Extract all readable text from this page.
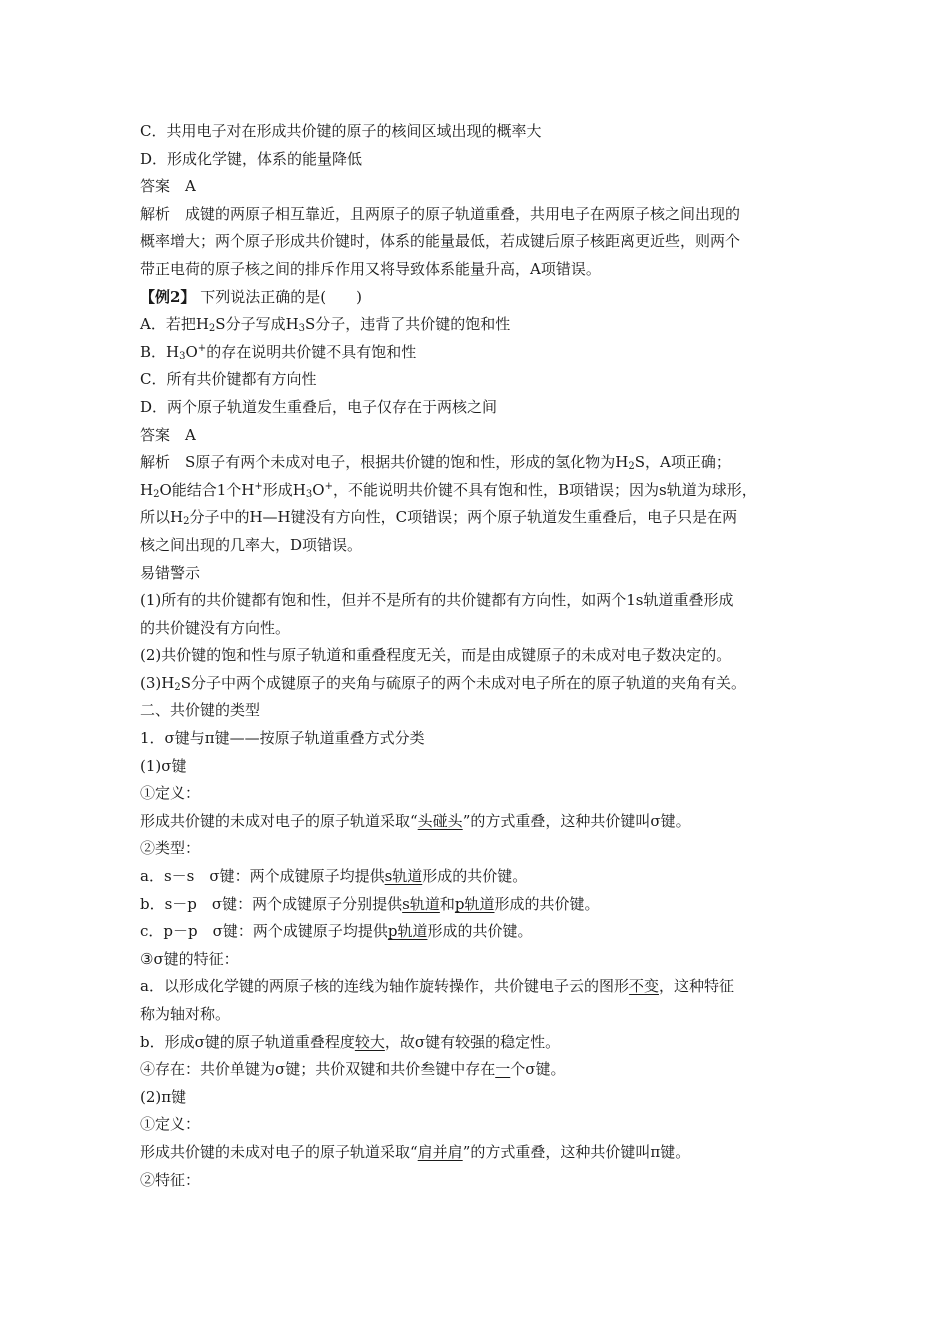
C．共用电子对在形成共价键的原子的核间区域出现的概率大
D．形成化学键，体系的能量降低
答案　A
解析　成键的两原子相互靠近，且两原子的原子轨道重叠，共用电子在两原子核之间出现的
概率增大；两个原子形成共价键时，体系的能量最低，若成键后原子核距离更近些，则两个
带正电荷的原子核之间的排斥作用又将导致体系能量升高，A项错误。
【例2】 下列说法正确的是(　　)
A．若把$H_2S$分子写成$H_3S$分子，违背了共价键的饱和性
B．$H_3O^+$的存在说明共价键不具有饱和性
C．所有共价键都有方向性
D．两个原子轨道发生重叠后，电子仅存在于两核之间
答案　A
解析　S原子有两个未成对电子，根据共价键的饱和性，形成的氢化物为$H_2S$，A项正确；
$H_2O$能结合1个H+形成$H_3O^+$，不能说明共价键不具有饱和性，B项错误；因为s轨道为球形，
所以$H_2$分子中的H—H键没有方向性，C项错误；两个原子轨道发生重叠后，电子只是在两
核之间出现的几率大，D项错误。
易错警示
(1)所有的共价键都有饱和性，但并不是所有的共价键都有方向性，如两个1s轨道重叠形成
的共价键没有方向性。
(2)共价键的饱和性与原子轨道和重叠程度无关，而是由成键原子的未成对电子数决定的。
$(3)H_2S$分子中两个成键原子的夹角与硫原子的两个未成对电子所在的原子轨道的夹角有关。
二、共价键的类型
1．σ键与π键——按原子轨道重叠方式分类
(1)σ键
①定义：
形成共价键的未成对电子的原子轨道采取“头碰头”的方式重叠，这种共价键叫σ键。
②类型：
a．s－s　σ键：两个成键原子均提供s轨道形成的共价键。
b．s－p　σ键：两个成键原子分别提供s轨道和p轨道形成的共价键。
c．p－p　σ键：两个成键原子均提供p轨道形成的共价键。
③σ键的特征：
a．以形成化学键的两原子核的连线为轴作旋转操作，共价键电子云的图形不变，这种特征
称为轴对称。
b．形成σ键的原子轨道重叠程度较大，故σ键有较强的稳定性。
④存在：共价单键为σ键；共价双键和共价叁键中存在一个σ键。
(2)π键
①定义：
形成共价键的未成对电子的原子轨道采取“肩并肩”的方式重叠，这种共价键叫π键。
②特征：
